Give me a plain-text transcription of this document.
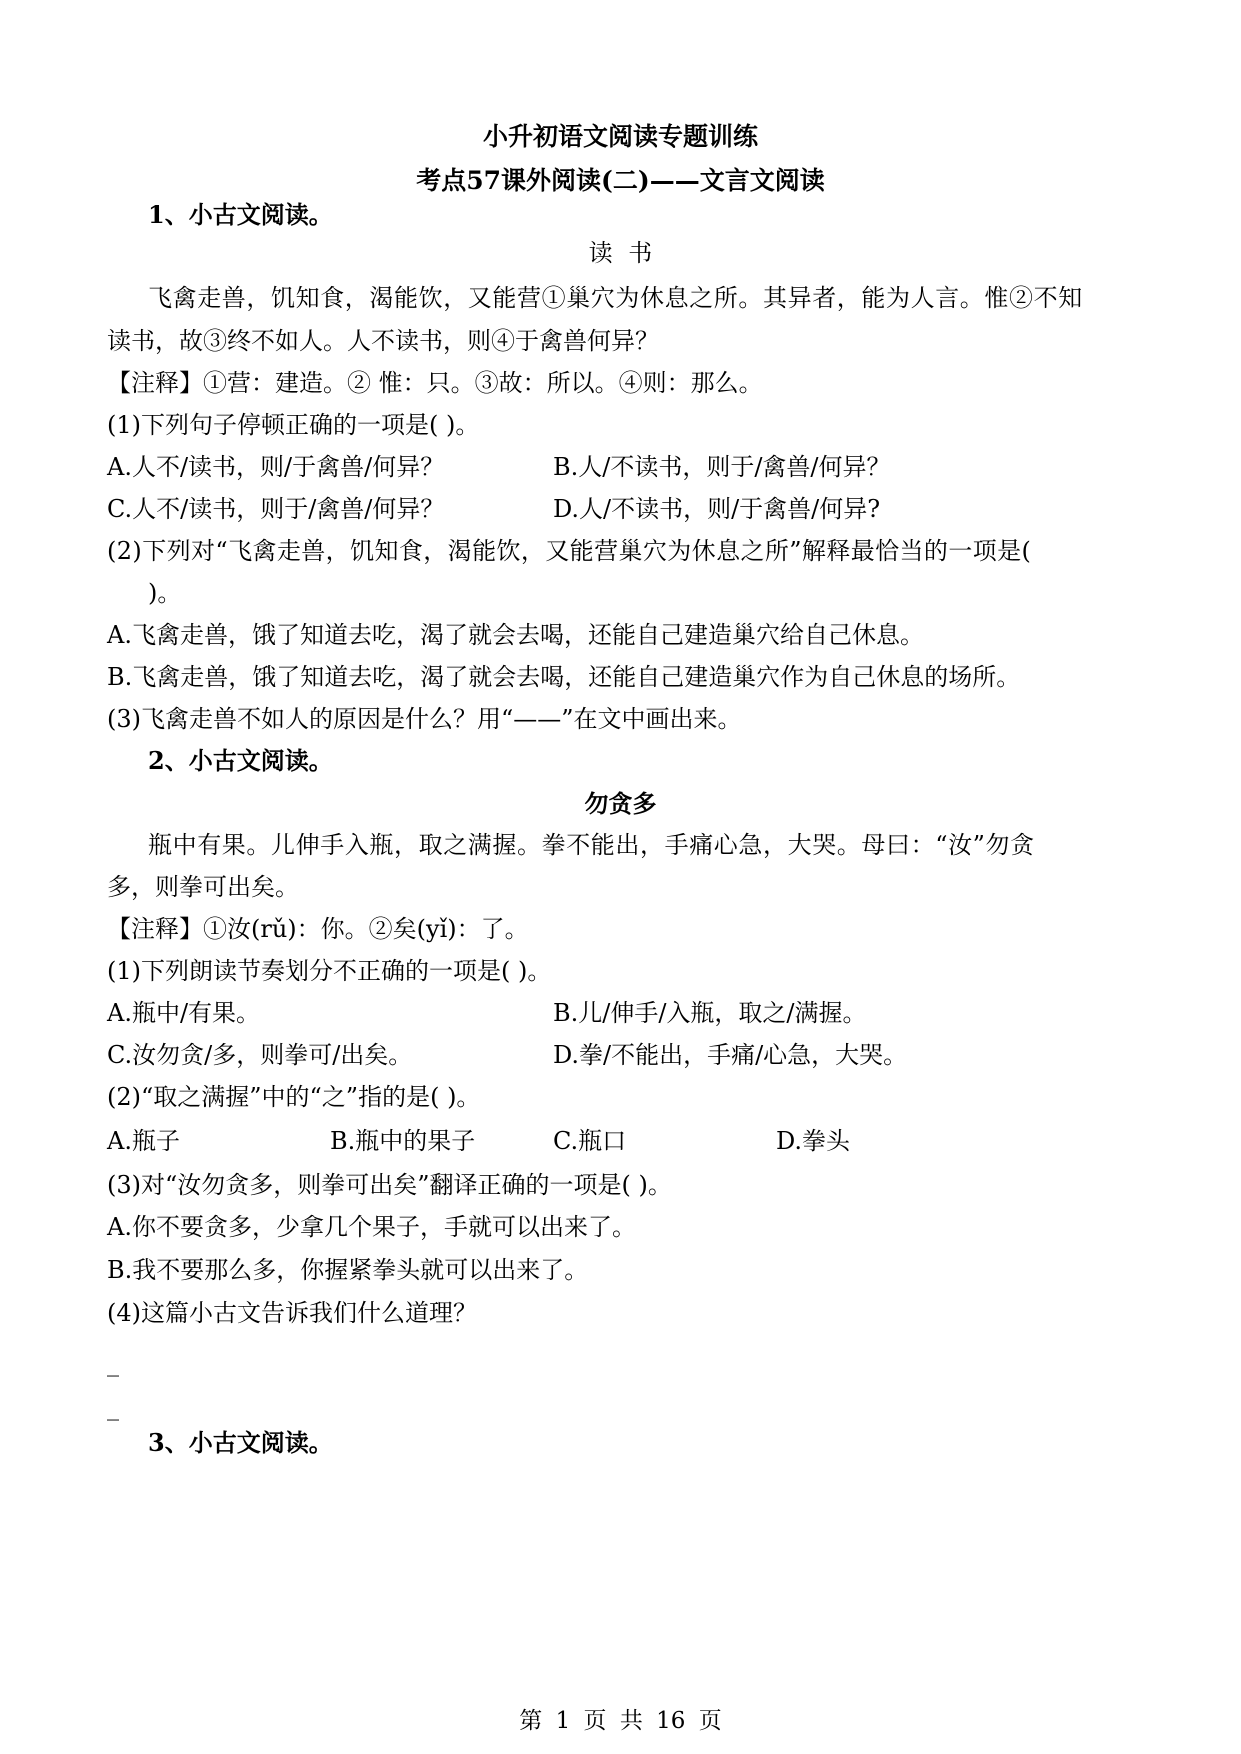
小升初语文阅读专题训练
考点57课外阅读(二)——文言文阅读
1、小古文阅读。
读 书
飞禽走兽，饥知食，渴能饮，又能营①巢穴为休息之所。其异者，能为人言。惟②不知
读书，故③终不如人。人不读书，则④于禽兽何异？
【注释】①营：建造。② 惟：只。③故：所以。④则：那么。
(1)下列句子停顿正确的一项是( )。
A.人不/读书，则/于禽兽/何异？	B.人/不读书，则于/禽兽/何异？
C.人不/读书，则于/禽兽/何异？	D.人/不读书，则/于禽兽/何异?
(2)下列对“飞禽走兽，饥知食，渴能饮，又能营巢穴为休息之所”解释最恰当的一项是(
)。
A.飞禽走兽，饿了知道去吃，渴了就会去喝，还能自己建造巢穴给自己休息。
B.飞禽走兽，饿了知道去吃，渴了就会去喝，还能自己建造巢穴作为自己休息的场所。
(3)飞禽走兽不如人的原因是什么？用“——”在文中画出来。
2、小古文阅读。
勿贪多
瓶中有果。儿伸手入瓶，取之满握。拳不能出，手痛心急，大哭。母曰：“汝”勿贪
多，则拳可出矣。
【注释】①汝(rǔ)：你。②矣(yǐ)：了。
(1)下列朗读节奏划分不正确的一项是( )。
A.瓶中/有果。	B.儿/伸手/入瓶，取之/满握。
C.汝勿贪/多，则拳可/出矣。	D.拳/不能出，手痛/心急，大哭。
(2)“取之满握”中的“之”指的是( )。
A.瓶子	B.瓶中的果子	C.瓶口	D.拳头
(3)对“汝勿贪多，则拳可出矣”翻译正确的一项是( )。
A.你不要贪多，少拿几个果子，手就可以出来了。
B.我不要那么多，你握紧拳头就可以出来了。
(4)这篇小古文告诉我们什么道理？
_
_
3、小古文阅读。
第 1 页 共 16 页
